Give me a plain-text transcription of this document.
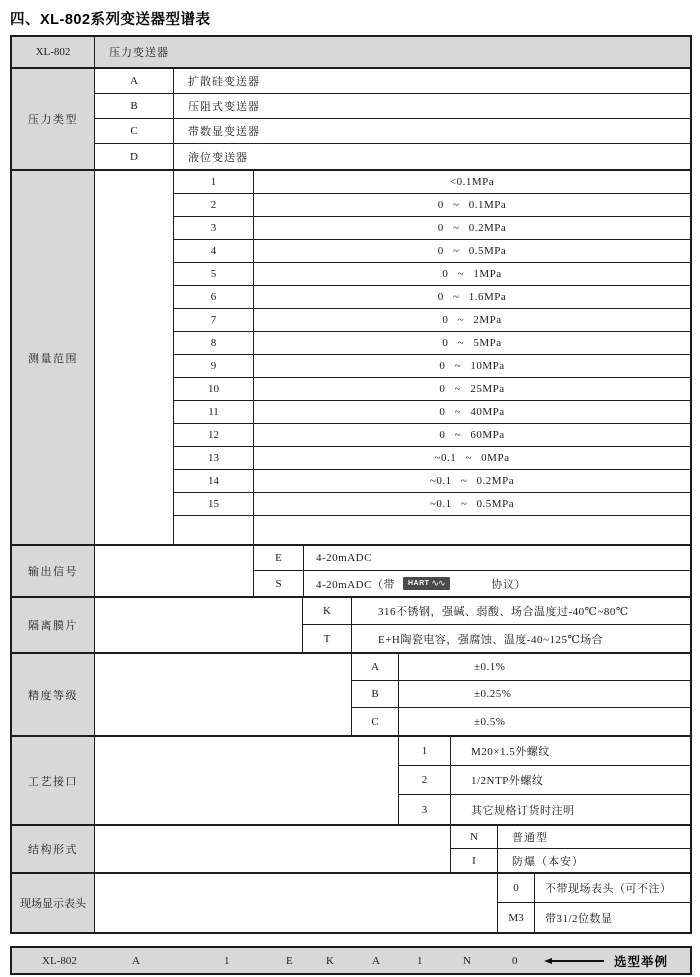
四、XL-802系列变送器型谱表
XL-802	压力变送器
压力类型
A	扩散硅变送器
B	压阻式变送器
C	带数显变送器
D	液位变送器
测量范围
1	<0.1MPa
2	0 ~ 0.1MPa
3	0 ~ 0.2MPa
4	0 ~ 0.5MPa
5	0 ~ 1MPa
6	0 ~ 1.6MPa
7	0 ~ 2MPa
8	0 ~ 5MPa
9	0 ~ 10MPa
10	0 ~ 25MPa
11	0 ~ 40MPa
12	0 ~ 60MPa
13	~0.1 ~ 0MPa
14	~0.1 ~ 0.2MPa
15	~0.1 ~ 0.5MPa
输出信号
E	4-20mADC
S	4-20mADC（带	HART ∿∿	协议）
隔离膜片
K	316不锈钢，强碱、弱酸、场合温度过-40℃~80℃
T	E+H陶瓷电容，强腐蚀、温度-40~125℃场合
精度等级
A	±0.1%
B	±0.25%
C	±0.5%
工艺接口
1	M20×1.5外螺纹
2	1/2NTP外螺纹
3	其它规格订货时注明
结构形式
N	普通型
I	防爆（本安）
现场显示表头
0	不带现场表头（可不注）
M3	带31/2位数显
选型举例
XL-802	A	1	E	K	A	1	N	0
